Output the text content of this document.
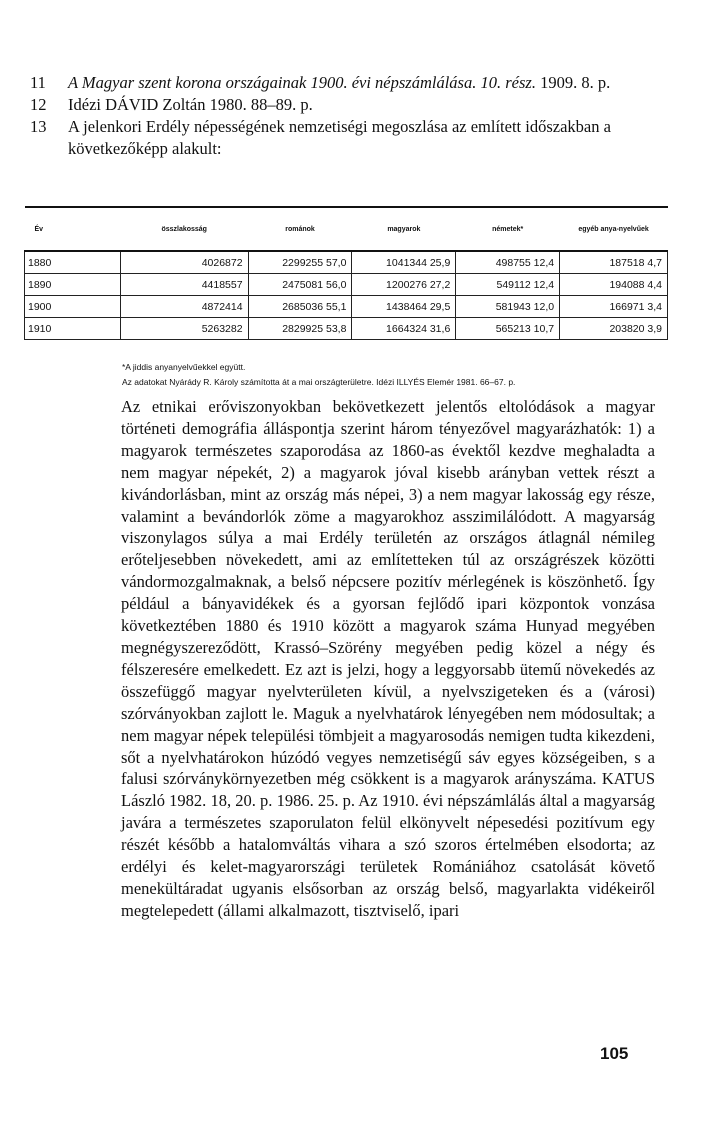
11	A Magyar szent korona országainak 1900. évi népszámlálása. 10. rész. 1909. 8. p.
12	Idézi DÁVID Zoltán 1980. 88–89. p.
13	A jelenkori Erdély népességének nemzetiségi megoszlása az említett időszakban a következőképp alakult:
Év	összlakosság	románok	magyarok	németek*	egyéb anya-nyelvűek
1880	4026872	2299255 57,0	1041344 25,9	498755 12,4	187518 4,7
1890	4418557	2475081 56,0	1200276 27,2	549112 12,4	194088 4,4
1900	4872414	2685036 55,1	1438464 29,5	581943 12,0	166971 3,4
1910	5263282	2829925 53,8	1664324 31,6	565213 10,7	203820 3,9
*A jiddis anyanyelvűekkel együtt.
Az adatokat Nyárády R. Károly számította át a mai országterületre. Idézi ILLYÉS Elemér 1981. 66–67. p.
Az etnikai erőviszonyokban bekövetkezett jelentős eltolódások a magyar történeti demográfia álláspontja szerint három tényezővel magyarázhatók: 1) a magyarok természetes szaporodása az 1860-as évektől kezdve meghaladta a nem magyar népekét, 2) a magyarok jóval kisebb arányban vettek részt a kivándorlásban, mint az ország más népei, 3) a nem magyar lakosság egy része, valamint a bevándorlók zöme a magyarokhoz asszimilálódott. A magyarság viszonylagos súlya a mai Erdély területén az országos átlagnál némileg erőteljesebben növekedett, ami az említetteken túl az országrészek közötti vándormozgalmaknak, a belső népcsere pozitív mérlegének is köszönhető. Így például a bányavidékek és a gyorsan fejlődő ipari központok vonzása következtében 1880 és 1910 között a magyarok száma Hunyad megyében megnégyszereződött, Krassó–Szörény megyében pedig közel a négy és félszeresére emelkedett. Ez azt is jelzi, hogy a leggyorsabb ütemű növekedés az összefüggő magyar nyelvterületen kívül, a nyelvszigeteken és a (városi) szórványokban zajlott le. Maguk a nyelvhatárok lényegében nem módosultak; a nem magyar népek települési tömbjeit a magyarosodás nemigen tudta kikezdeni, sőt a nyelvhatárokon húzódó vegyes nemzetiségű sáv egyes községeiben, s a falusi szórványkörnyezetben még csökkent is a magyarok arányszáma. KATUS László 1982. 18, 20. p. 1986. 25. p. Az 1910. évi népszámlálás által a magyarság javára a természetes szaporulaton felül elkönyvelt népesedési pozitívum egy részét később a hatalomváltás vihara a szó szoros értelmében elsodorta; az erdélyi és kelet-magyarországi területek Romániához csatolását követő menekültáradat ugyanis elsősorban az ország belső, magyarlakta vidékeiről megtelepedett (állami alkalmazott, tisztviselő, ipari
105
